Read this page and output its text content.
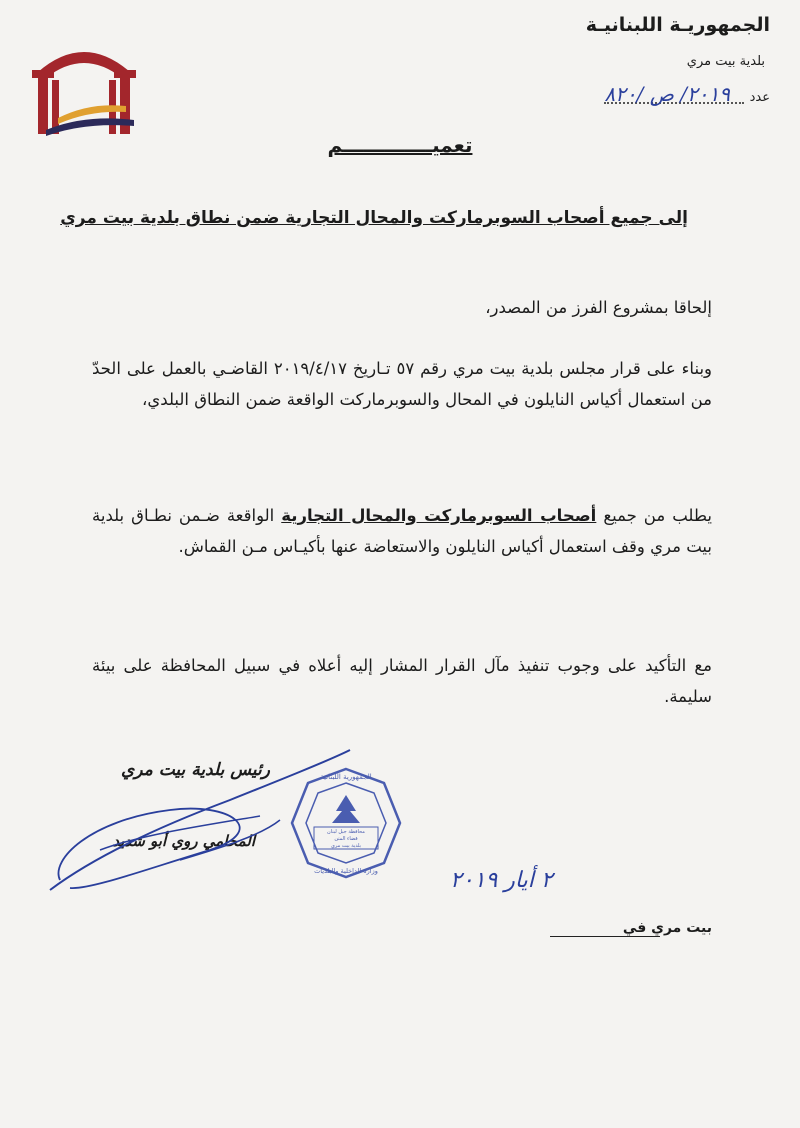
الجمهوريـة اللبنانيـة
بلدية بيت مري
عدد
٢٠١٩/ ص /٨٢٠
تعميـــــــــــــم
إلى جميع أصحاب السوبرماركت والمحال التجارية ضمن نطاق بلدية بيت مري
إلحاقا بمشروع الفرز من المصدر،
وبناء على قرار مجلس بلدية بيت مري رقم ٥٧ تـاريخ ٢٠١٩/٤/١٧ القاضـي بالعمل على الحدّ من استعمال أكياس النايلون في المحال والسوبرماركت الواقعة ضمن النطاق البلدي،
يطلب من جميع أصحاب السوبرماركت والمحال التجارية الواقعة ضـمن نطـاق بلدية بيت مري وقف استعمال أكياس النايلون والاستعاضة عنها بأكيـاس مـن القماش.
مع التأكيد على وجوب تنفيذ مآل القرار المشار إليه أعلاه في سبيل المحافظة على بيئة سليمة.
رئيس بلدية بيت مري
المحامي روي أبو شديد
الجمهورية اللبنانية
محافظة جبل لبنان
قضاء المتن
بلدية بيت مري
وزارة الداخلية والبلديات	٢ أيار ٢٠١٩
بيت مري في
